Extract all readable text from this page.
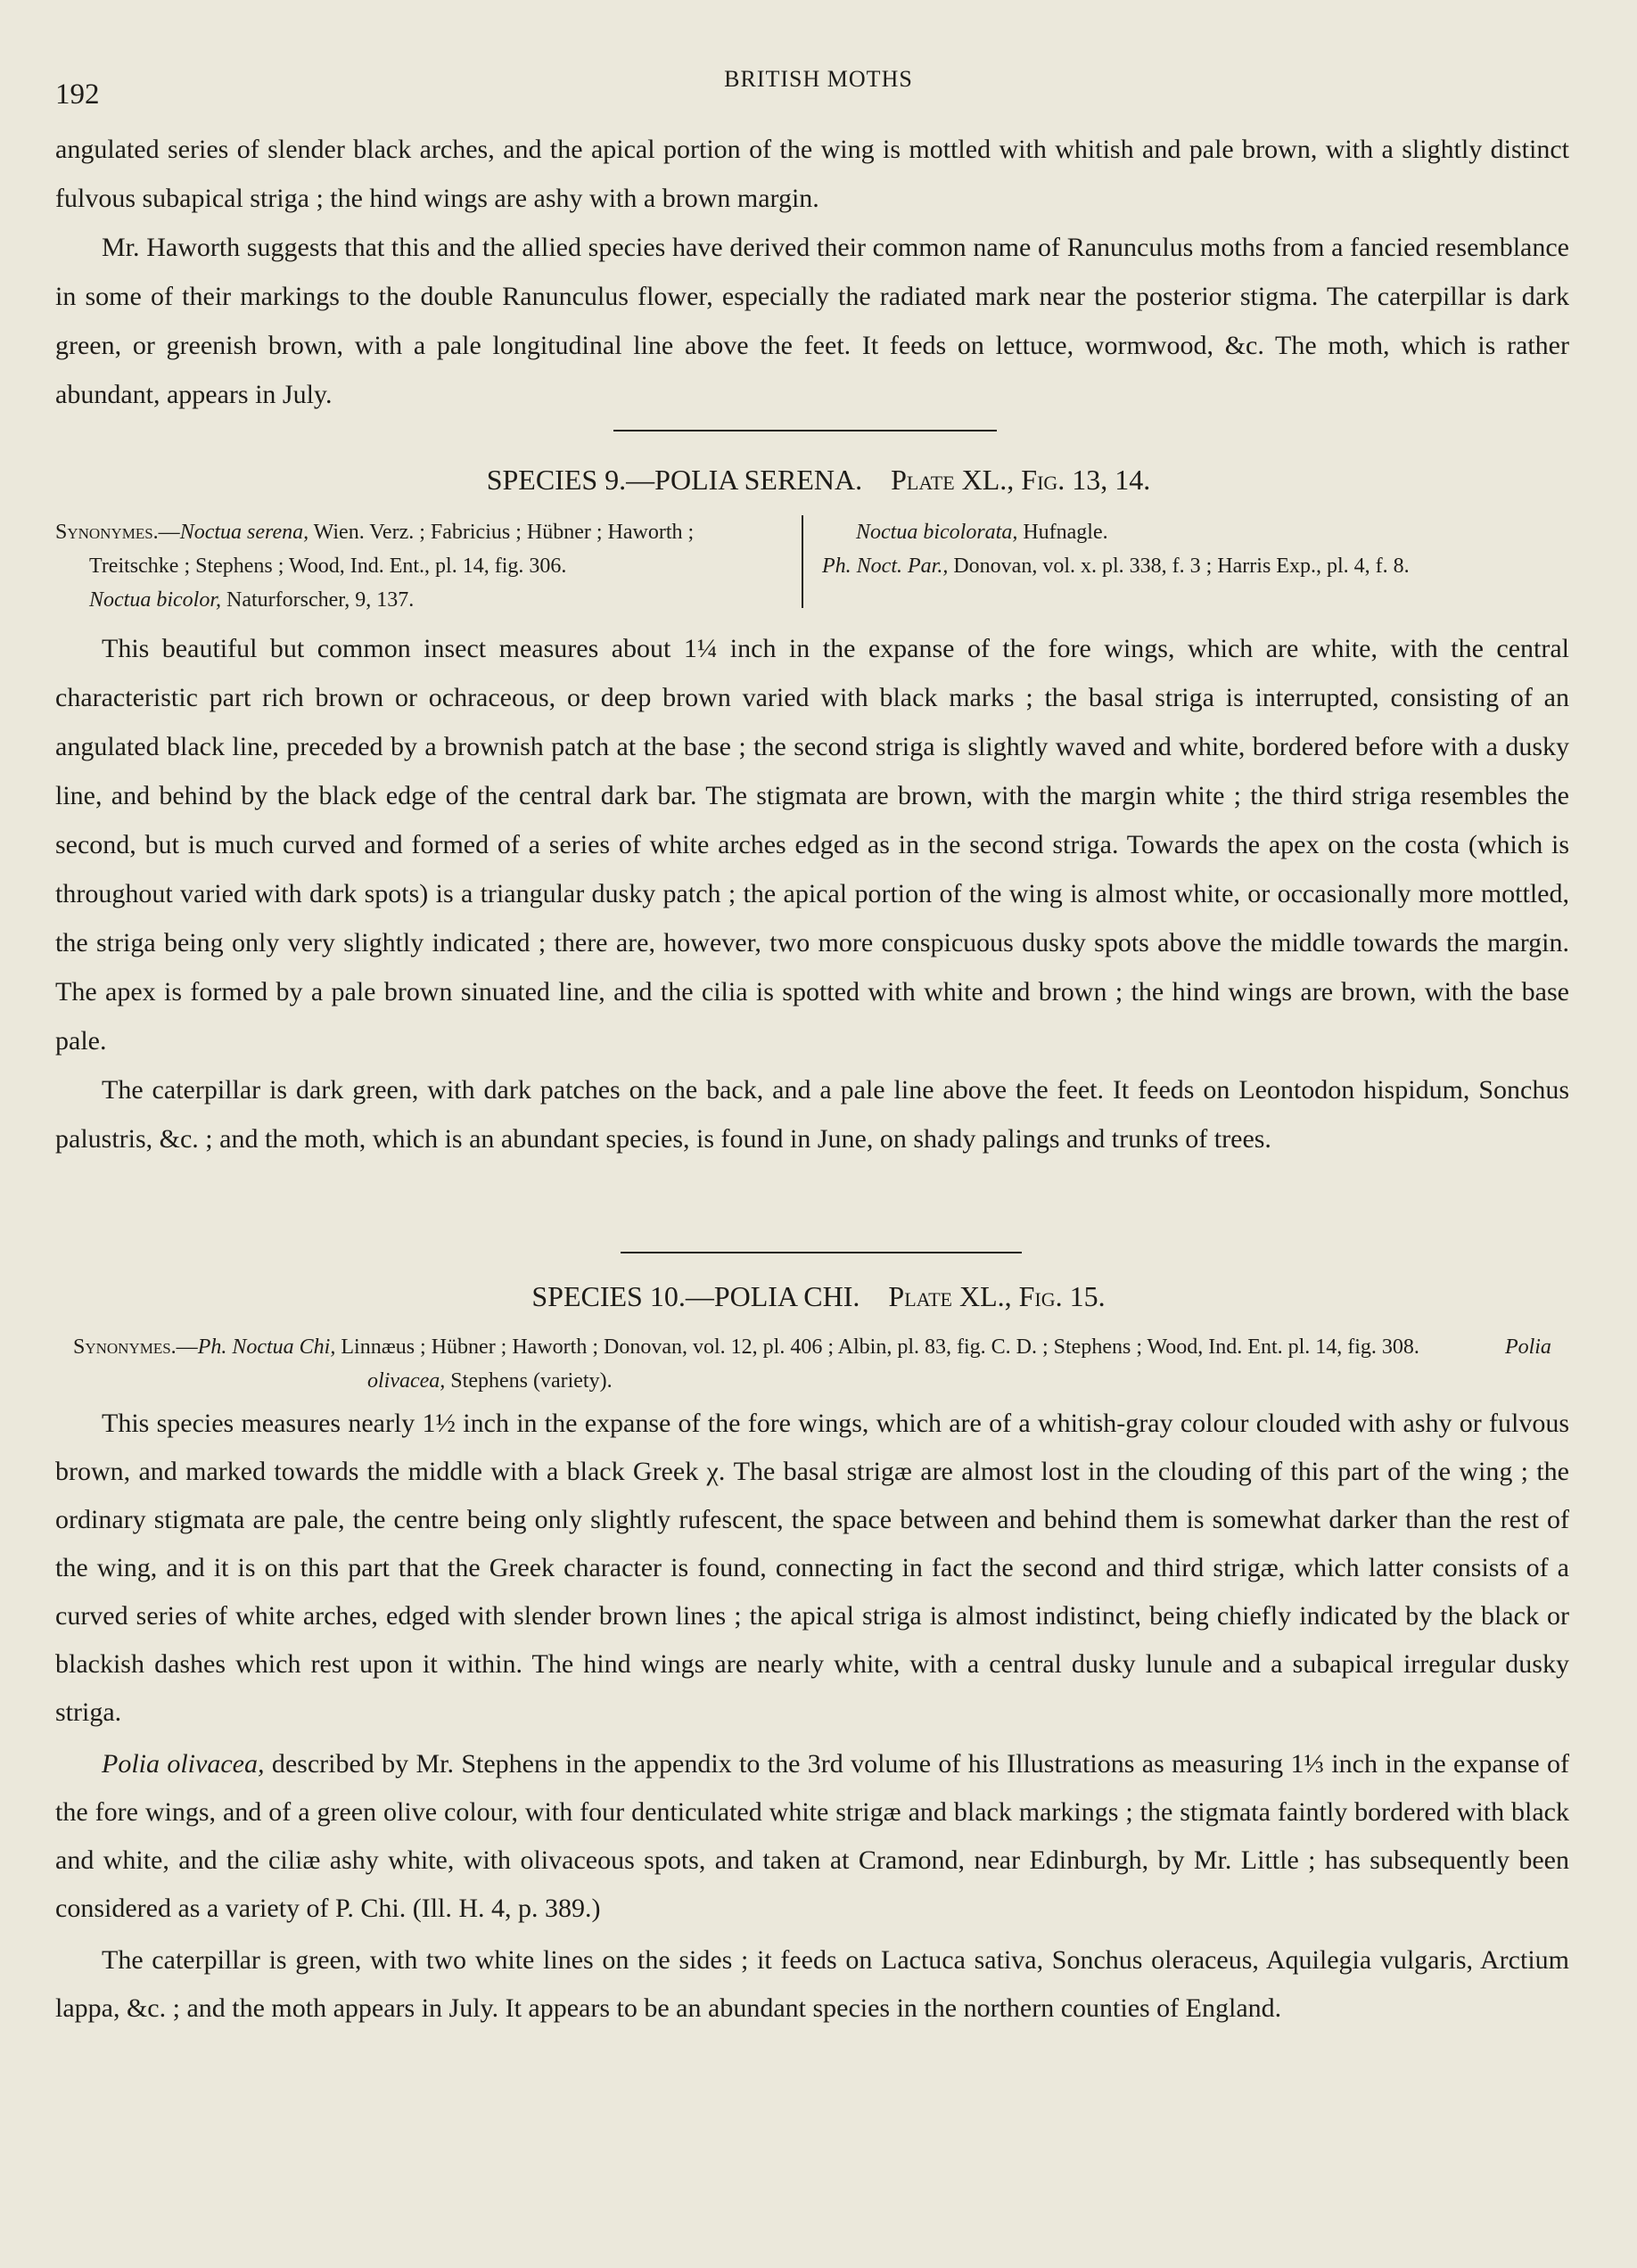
192	BRITISH MOTHS

angulated series of slender black arches, and the apical portion of the wing is mottled with whitish and pale brown, with a slightly distinct fulvous subapical striga ; the hind wings are ashy with a brown margin.

Mr. Haworth suggests that this and the allied species have derived their common name of Ranunculus moths from a fancied resemblance in some of their markings to the double Ranunculus flower, especially the radiated mark near the posterior stigma. The caterpillar is dark green, or greenish brown, with a pale longitudinal line above the feet. It feeds on lettuce, wormwood, &c. The moth, which is rather abundant, appears in July.

SPECIES 9.—POLIA SERENA. Plate XL., Fig. 13, 14.

Synonymes.—Noctua serena, Wien. Verz. ; Fabricius ; Hübner ; Haworth ; Treitschke ; Stephens ; Wood, Ind. Ent., pl. 14, fig. 306.

Noctua bicolor, Naturforscher, 9, 137.

Noctua bicolorata, Hufnagle.

Ph. Noct. Par., Donovan, vol. x. pl. 338, f. 3 ; Harris Exp., pl. 4, f. 8.

This beautiful but common insect measures about 1¼ inch in the expanse of the fore wings, which are white, with the central characteristic part rich brown or ochraceous, or deep brown varied with black marks ; the basal striga is interrupted, consisting of an angulated black line, preceded by a brownish patch at the base ; the second striga is slightly waved and white, bordered before with a dusky line, and behind by the black edge of the central dark bar. The stigmata are brown, with the margin white ; the third striga resembles the second, but is much curved and formed of a series of white arches edged as in the second striga. Towards the apex on the costa (which is throughout varied with dark spots) is a triangular dusky patch ; the apical portion of the wing is almost white, or occasionally more mottled, the striga being only very slightly indicated ; there are, however, two more conspicuous dusky spots above the middle towards the margin. The apex is formed by a pale brown sinuated line, and the cilia is spotted with white and brown ; the hind wings are brown, with the base pale.

The caterpillar is dark green, with dark patches on the back, and a pale line above the feet. It feeds on Leontodon hispidum, Sonchus palustris, &c. ; and the moth, which is an abundant species, is found in June, on shady palings and trunks of trees.

SPECIES 10.—POLIA CHI. Plate XL., Fig. 15.

Synonymes.—Ph. Noctua Chi, Linnæus ; Hübner ; Haworth ; Donovan, vol. 12, pl. 406 ; Albin, pl. 83, fig. C. D. ; Stephens ; Wood, Ind. Ent. pl. 14, fig. 308.	Polia olivacea, Stephens (variety).

This species measures nearly 1½ inch in the expanse of the fore wings, which are of a whitish-gray colour clouded with ashy or fulvous brown, and marked towards the middle with a black Greek χ. The basal strigæ are almost lost in the clouding of this part of the wing ; the ordinary stigmata are pale, the centre being only slightly rufescent, the space between and behind them is somewhat darker than the rest of the wing, and it is on this part that the Greek character is found, connecting in fact the second and third strigæ, which latter consists of a curved series of white arches, edged with slender brown lines ; the apical striga is almost indistinct, being chiefly indicated by the black or blackish dashes which rest upon it within. The hind wings are nearly white, with a central dusky lunule and a subapical irregular dusky striga.

Polia olivacea, described by Mr. Stephens in the appendix to the 3rd volume of his Illustrations as measuring 1⅓ inch in the expanse of the fore wings, and of a green olive colour, with four denticulated white strigæ and black markings ; the stigmata faintly bordered with black and white, and the ciliæ ashy white, with olivaceous spots, and taken at Cramond, near Edinburgh, by Mr. Little ; has subsequently been considered as a variety of P. Chi. (Ill. H. 4, p. 389.)

The caterpillar is green, with two white lines on the sides ; it feeds on Lactuca sativa, Sonchus oleraceus, Aquilegia vulgaris, Arctium lappa, &c. ; and the moth appears in July. It appears to be an abundant species in the northern counties of England.
